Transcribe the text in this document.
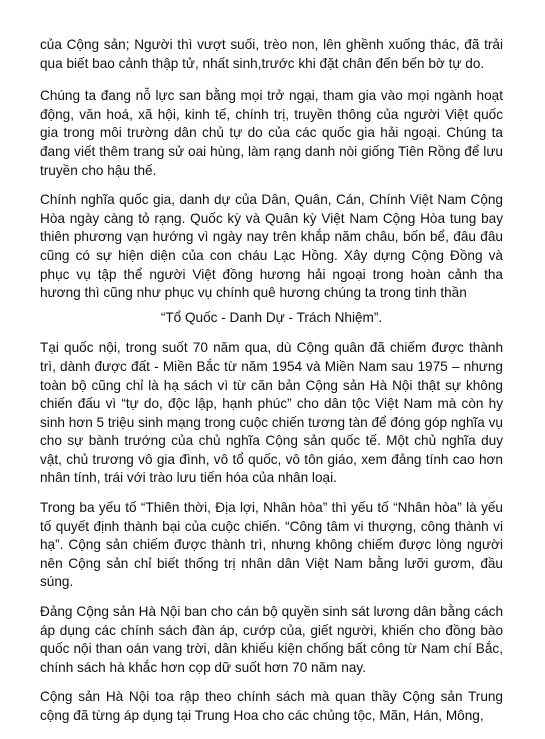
của Cộng sản; Người thì vượt suối, trèo non, lên ghềnh xuống thác, đã trải qua biết bao cảnh thập tử, nhất sinh,trước khi đặt chân đến bến bờ tự do.

Chúng ta đang nỗ lực san bằng mọi trở ngại, tham gia vào mọi ngành hoạt động, văn hoá, xã hội, kinh tế, chính trị, truyền thông của người Việt quốc gia trong môi trường dân chủ tự do của các quốc gia hải ngoại. Chúng ta đang viết thêm trang sử oai hùng, làm rạng danh nòi giống Tiên Rồng để lưu truyền cho hậu thế.

Chính nghĩa quốc gia, danh dự của Dân, Quân, Cán, Chính Việt Nam Cộng Hòa ngày càng tỏ rạng. Quốc kỳ và Quân kỳ Việt Nam Cộng Hòa tung bay thiên phương vạn hướng vì ngày nay trên khắp năm châu, bốn bể, đâu đâu cũng có sự hiện diện của con cháu Lạc Hồng. Xây dựng Cộng Đồng và phục vụ tập thể người Việt đồng hương hải ngoại trong hoàn cảnh tha hương thì cũng như phục vụ chính quê hương chúng ta trong tinh thần

“Tổ Quốc - Danh Dự - Trách Nhiệm”.

Tại quốc nội, trong suốt 70 năm qua, dù Cộng quân đã chiếm được thành trì, dành được đất - Miền Bắc từ năm 1954 và Miền Nam sau 1975 – nhưng toàn bộ cũng chỉ là hạ sách vì từ căn bản Cộng sản Hà Nội thật sự không chiến đấu vì “tự do, độc lập, hạnh phúc” cho dân tộc Việt Nam mà còn hy sinh hơn 5 triệu sinh mạng trong cuộc chiến tương tàn để đóng góp nghĩa vụ cho sự bành trướng của chủ nghĩa Cộng sản quốc tế. Một chủ nghĩa duy vật, chủ trương vô gia đình, vô tổ quốc, vô tôn giáo, xem đảng tính cao hơn nhân tính, trái với trào lưu tiến hóa của nhân loại.

Trong ba yếu tố “Thiên thời, Địa lợi, Nhân hòa” thì yếu tố “Nhân hòa” là yếu tố quyết định thành bại của cuộc chiến. “Công tâm vi thượng, công thành vi hạ”. Cộng sản chiếm được thành trì, nhưng không chiếm được lòng người nên Cộng sản chỉ biết thống trị nhân dân Việt Nam bằng lưỡi gươm, đầu súng.

Đảng Cộng sản Hà Nội ban cho cán bộ quyền sinh sát lương dân bằng cách áp dụng các chính sách đàn áp, cướp của, giết người, khiến cho đồng bào quốc nội than oán vang trời, dân khiếu kiện chống bất công từ Nam chí Bắc, chính sách hà khắc hơn cọp dữ suốt hơn 70 năm nay.

Cộng sản Hà Nội toa rập theo chính sách mà quan thầy Cộng sản Trung cộng đã từng áp dụng tại Trung Hoa cho các chủng tộc, Mãn, Hán, Mông,
